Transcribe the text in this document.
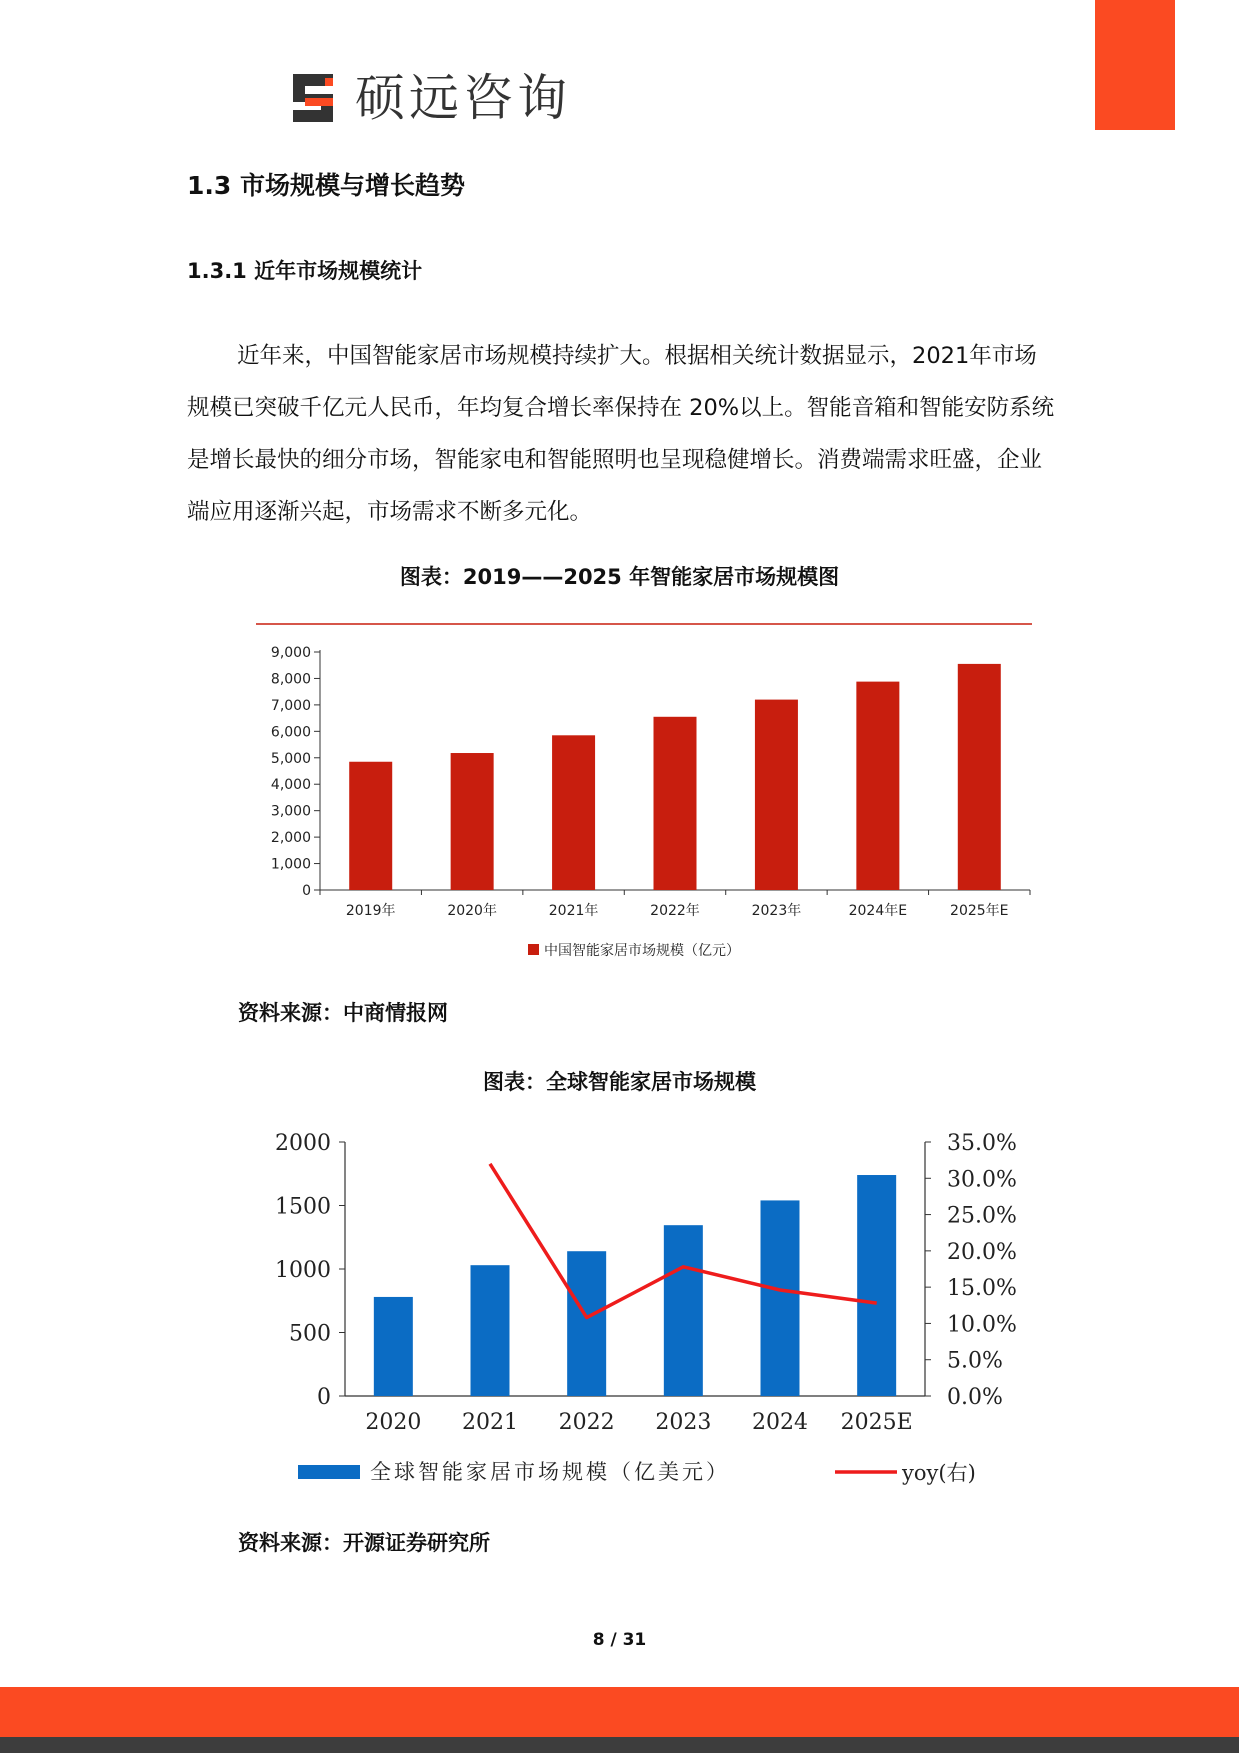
硕远咨询
1.3 市场规模与增长趋势
1.3.1 近年市场规模统计
近年来，中国智能家居市场规模持续扩大。根据相关统计数据显示，2021年市场规模已突破千亿元人民币，年均复合增长率保持在 20%以上。智能音箱和智能安防系统是增长最快的细分市场，智能家电和智能照明也呈现稳健增长。消费端需求旺盛，企业端应用逐渐兴起，市场需求不断多元化。
图表：2019——2025 年智能家居市场规模图
9,000
8,000
7,000
6,000
5,000
4,000
3,000
2,000
1,000
0
2019年	2020年	2021年	2022年	2023年	2024年E	2025年E
中国智能家居市场规模（亿元）
资料来源：中商情报网
图表：全球智能家居市场规模
2000
1500
1000
500
0
35.0%
30.0%
25.0%
20.0%
15.0%
10.0%
5.0%
0.0%
2020 2021 2022 2023 2024 2025E
全球智能家居市场规模（亿美元）	yoy(右)
资料来源：开源证券研究所
8 / 31
